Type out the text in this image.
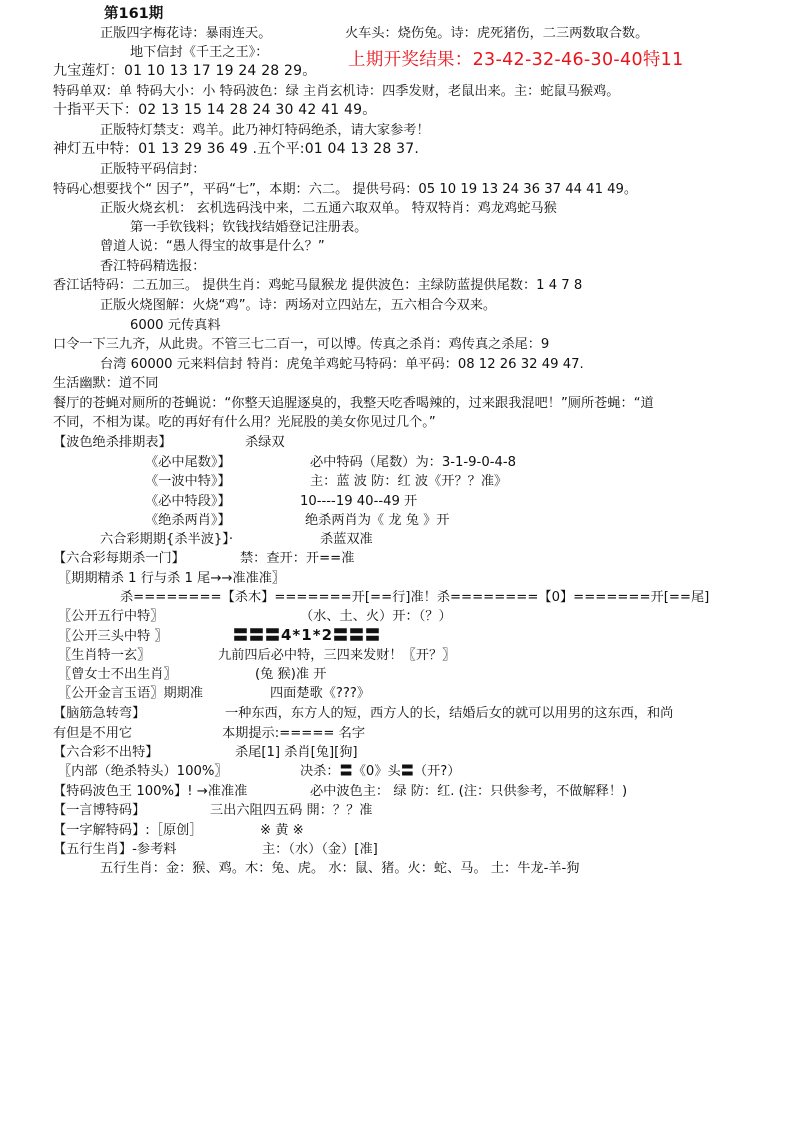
第161期
正版四字梅花诗：暴雨连天。	火车头：烧伤兔。诗：虎死猪伤，二三两数取合数。
地下信封《千王之王》：	上期开奖结果：23-42-32-46-30-40特11
九宝莲灯：01 10 13 17 19 24 28 29。
特码单双：单 特码大小：小 特码波色：绿 主肖玄机诗：四季发财，老鼠出来。主：蛇鼠马猴鸡。
十指平天下：02 13 15 14 28 24 30 42 41 49。
正版特灯禁支：鸡羊。此乃神灯特码绝杀，请大家参考！
神灯五中特：01 13 29 36 49 .五个平:01 04 13 28 37.
正版特平码信封：
特码心想要找个“ 因子”，平码“七”，本期：六二。 提供号码：05 10 19 13 24 36 37 44 41 49。
正版火烧玄机： 玄机选码浅中来，二五通六取双单。 特双特肖：鸡龙鸡蛇马猴
第一手钦钱料；钦钱找结婚登记注册表。
曾道人说：“愚人得宝的故事是什么？”
香江特码精选报：
香江话特码：二五加三。 提供生肖：鸡蛇马鼠猴龙 提供波色：主绿防蓝提供尾数：1 4 7 8
正版火烧图解：火烧“鸡”。诗：两场对立四站左，五六相合今双来。
6000 元传真料
口令一下三九齐，从此贵。不管三七二百一，可以博。传真之杀肖：鸡传真之杀尾：9
台湾 60000 元来料信封 特肖：虎兔羊鸡蛇马特码：单平码：08 12 26 32 49 47.
生活幽默：道不同
餐厅的苍蝇对厕所的苍蝇说：“你整天追腥逐臭的，我整天吃香喝辣的，过来跟我混吧！”厕所苍蝇：“道
不同，不相为谋。吃的再好有什么用？光屁股的美女你见过几个。”
【波色绝杀排期表】	杀绿双
《必中尾数》】	必中特码（尾数）为：3-1-9-0-4-8
《一波中特》】	主：蓝 波 防：红 波《开？？准》
《必中特段》】	10----19 40--49 开
《绝杀两肖》】	绝杀两肖为《 龙 兔 》开
六合彩期期{杀半波}】·	杀蓝双准
【六合彩每期杀一门】	禁：查开：开==准
〖期期精杀 1 行与杀 1 尾→→准准准〗
杀========【杀木】=======开[==行]准！杀========【0】=======开[==尾]
〖公开五行中特〗	（水、土、火）开：（？）
〖公开三头中特 〗	〓〓〓4*1*2〓〓〓
〖生肖特一玄〗	九前四后必中特，三四来发财！〖开？〗
〖曾女士不出生肖〗	(兔 猴)准 开
〖公开金言玉语〗期期准	四面楚歌《???》
【脑筋急转弯】	一种东西，东方人的短，西方人的长，结婚后女的就可以用男的这东西，和尚
有但是不用它	本期提示:===== 名字
【六合彩不出特】	杀尾[1] 杀肖[兔][狗]
〖内部（绝杀特头）100%〗	决杀：〓《0》头〓（开?）
【特码波色王 100%】! →准准准	必中波色主： 绿 防：红. (注：只供参考，不做解释！)
【一言博特码】	三出六阻四五码 開：？？准
【一字解特码】:［原创］	※ 黄 ※
【五行生肖】-参考料	主：（水）（金）[准]
五行生肖：金：猴、鸡。木：兔、虎。 水：鼠、猪。火：蛇、马。 土：牛龙-羊-狗
